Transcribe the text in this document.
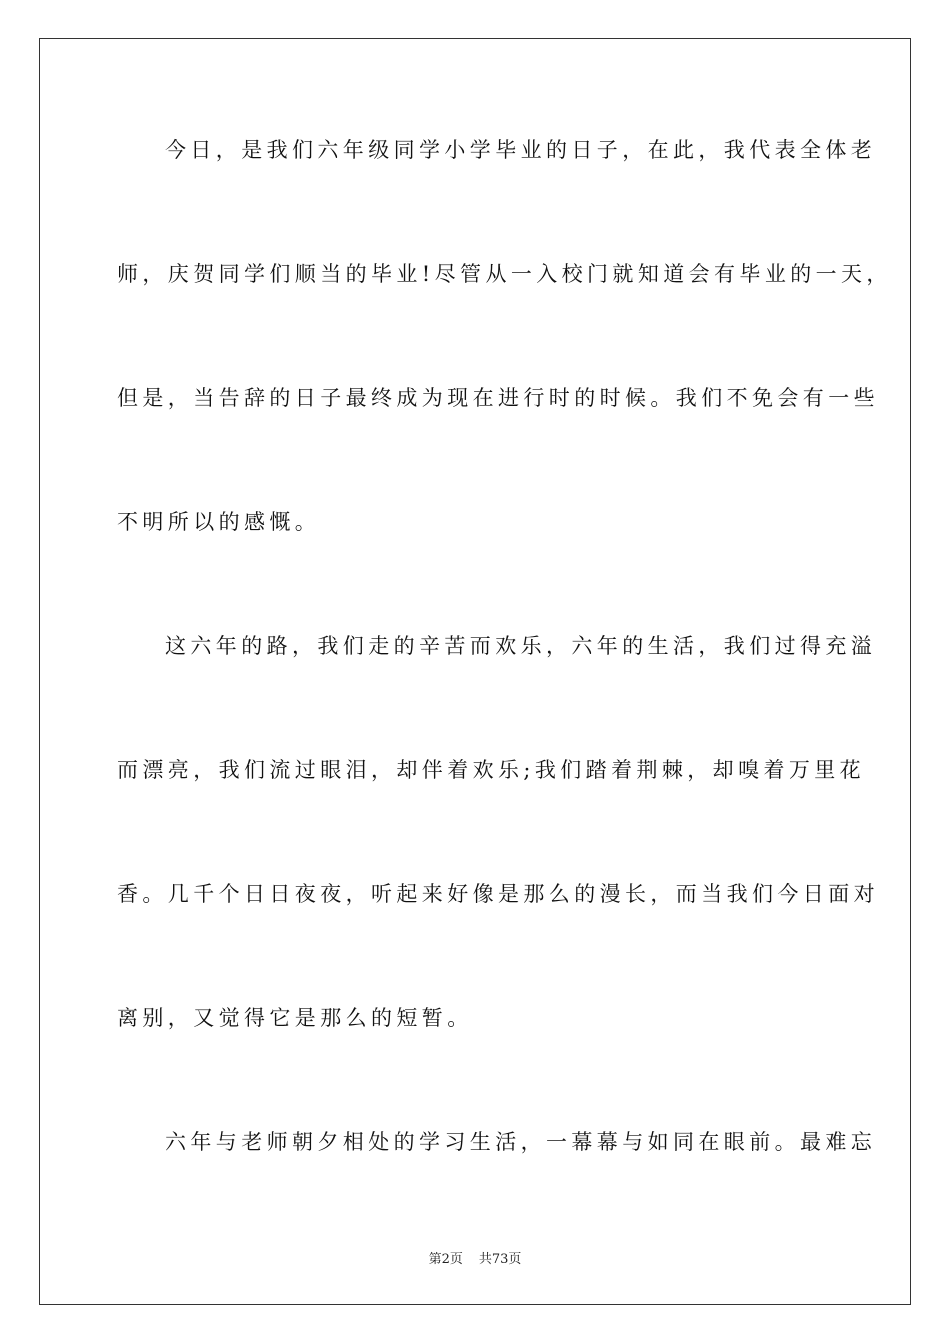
今日，是我们六年级同学小学毕业的日子，在此，我代表全体老
师，庆贺同学们顺当的毕业!尽管从一入校门就知道会有毕业的一天，
但是，当告辞的日子最终成为现在进行时的时候。我们不免会有一些
不明所以的感慨。
这六年的路，我们走的辛苦而欢乐，六年的生活，我们过得充溢
而漂亮，我们流过眼泪，却伴着欢乐;我们踏着荆棘，却嗅着万里花
香。几千个日日夜夜，听起来好像是那么的漫长，而当我们今日面对
离别，又觉得它是那么的短暂。
六年与老师朝夕相处的学习生活，一幕幕与如同在眼前。最难忘
第2页 共73页
